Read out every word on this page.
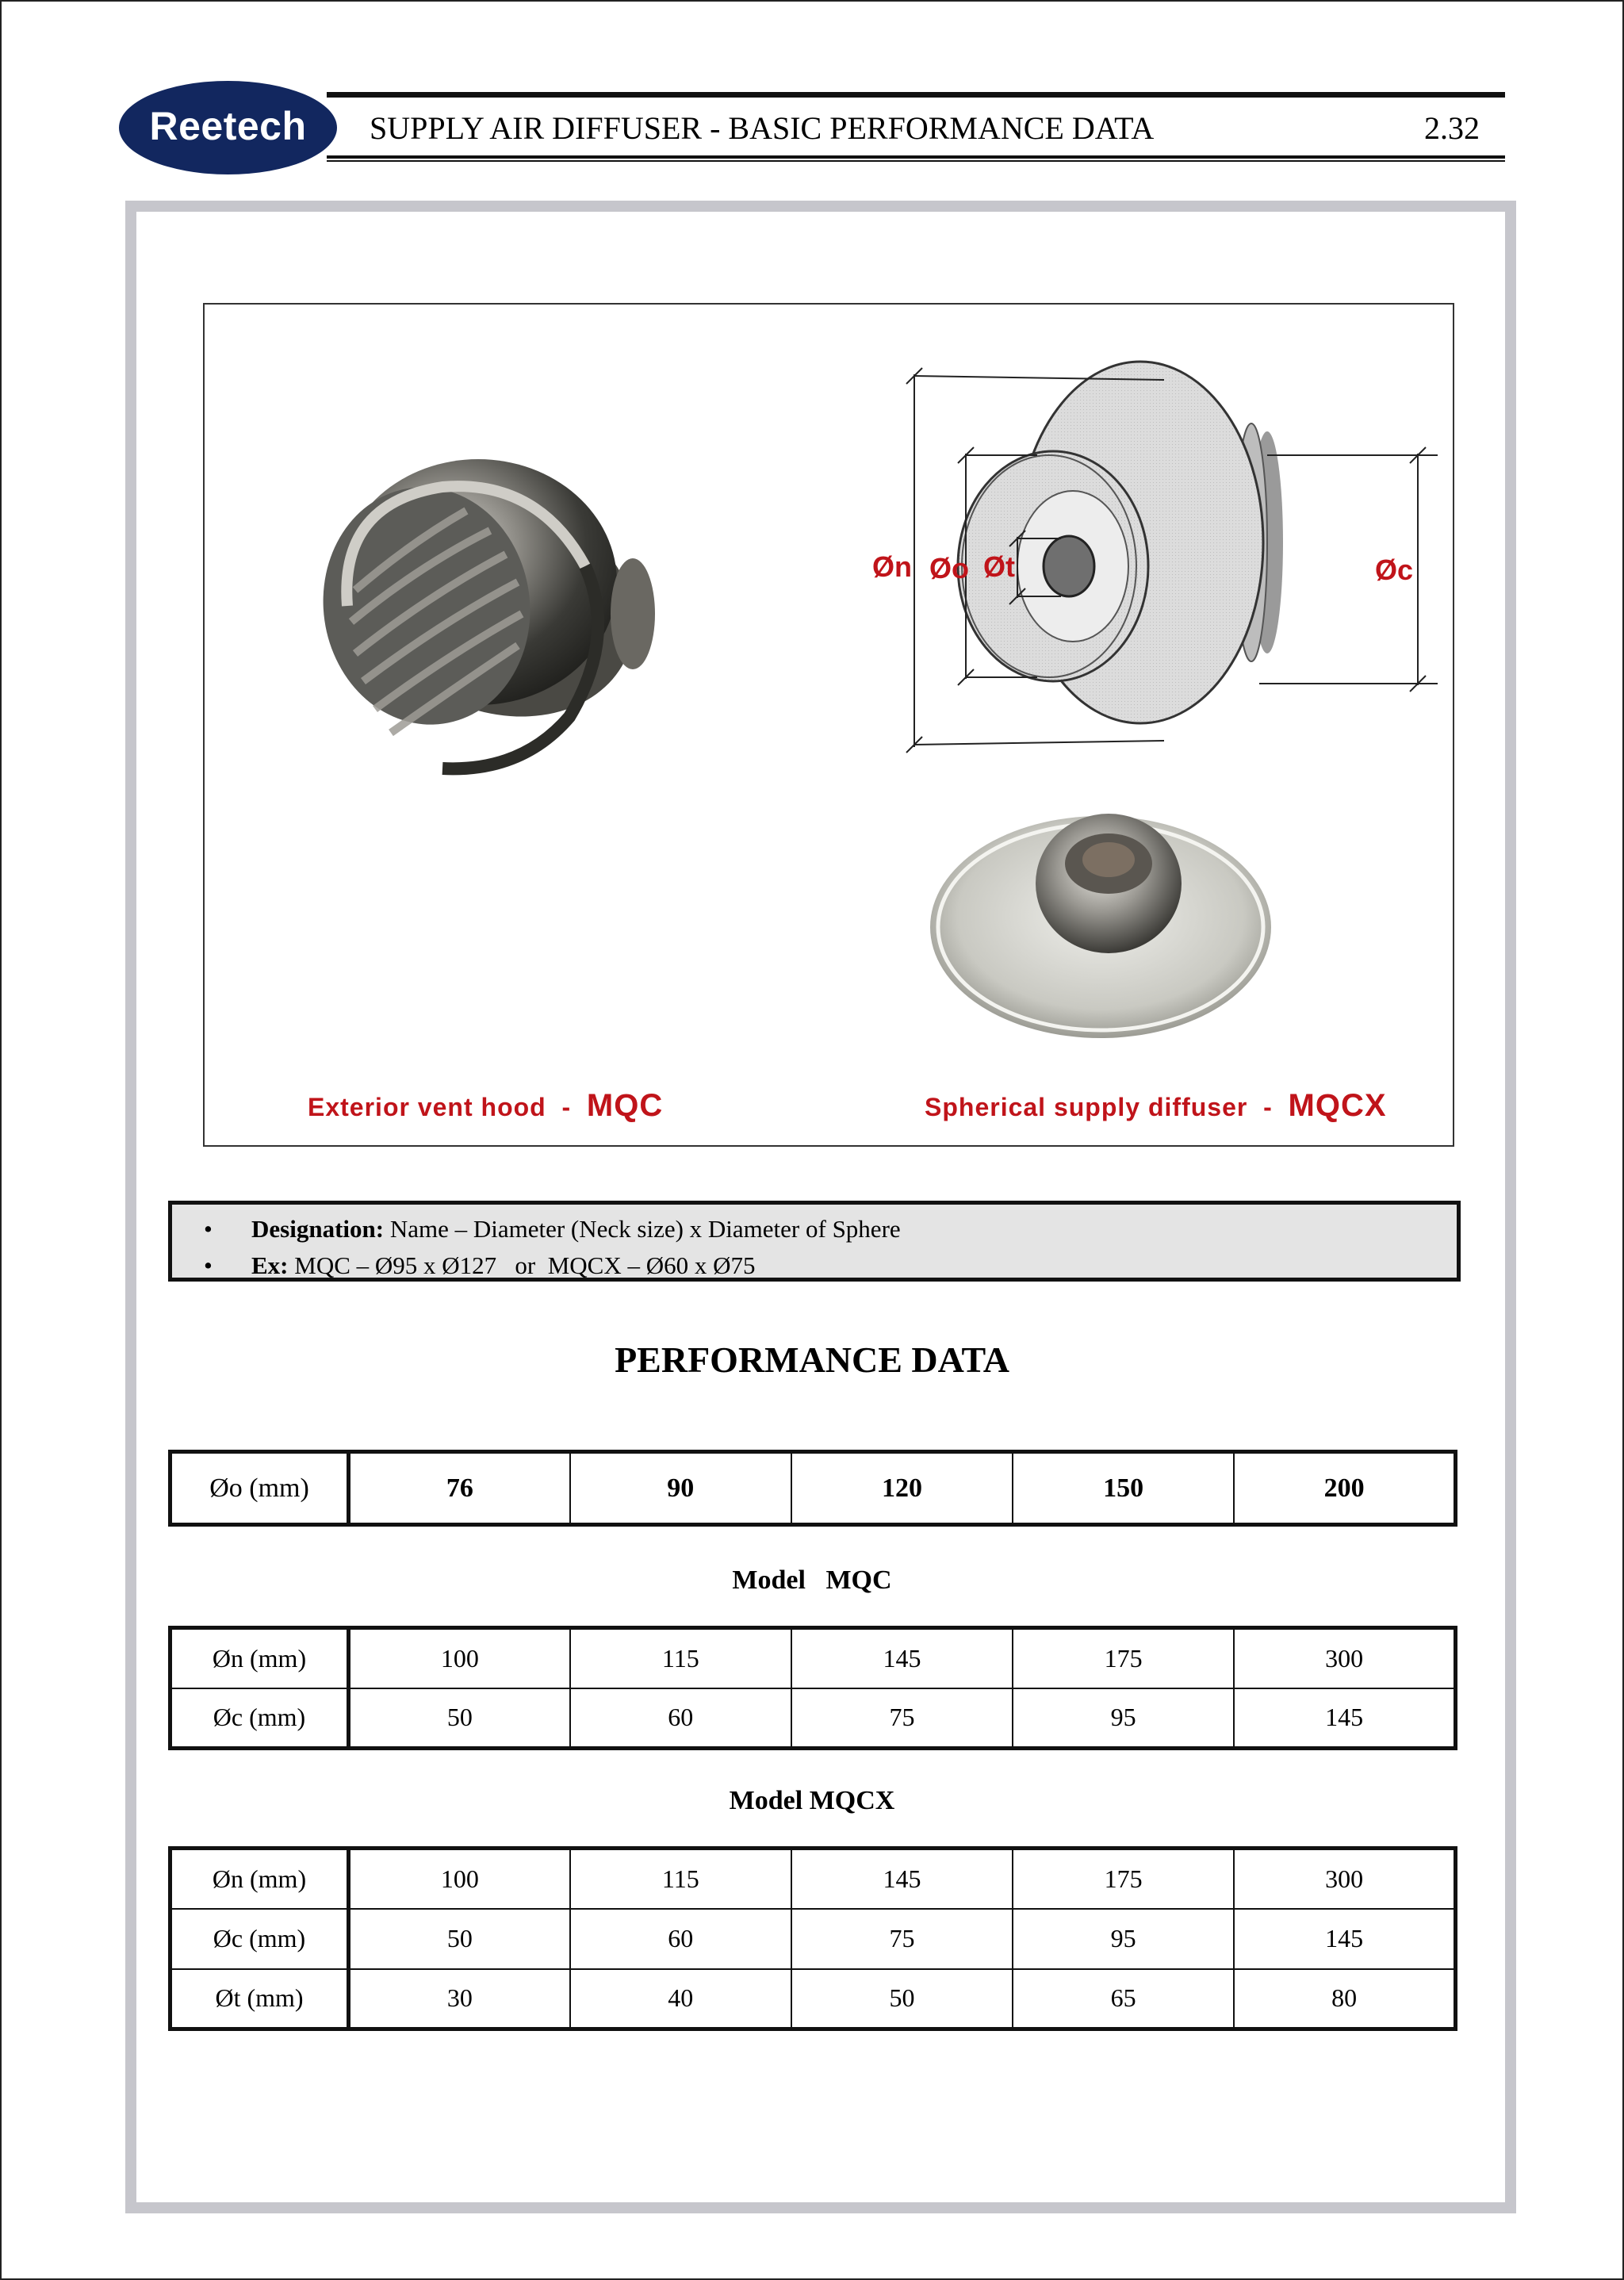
Reetech	SUPPLY AIR DIFFUSER - BASIC PERFORMANCE DATA	2.32
Øn Øo Øt	Øc
Exterior vent hood  -  MQC	Spherical supply diffuser  -  MQCX
• Designation: Name – Diameter (Neck size) x Diameter of Sphere
• Ex: MQC – Ø95 x Ø127   or  MQCX – Ø60 x Ø75
PERFORMANCE DATA
Øo (mm)	76	90	120	150	200
Model   MQC
Øn (mm)	100	115	145	175	300
Øc (mm)	50	60	75	95	145
Model MQCX
Øn (mm)	100	115	145	175	300
Øc (mm)	50	60	75	95	145
Øt (mm)	30	40	50	65	80
